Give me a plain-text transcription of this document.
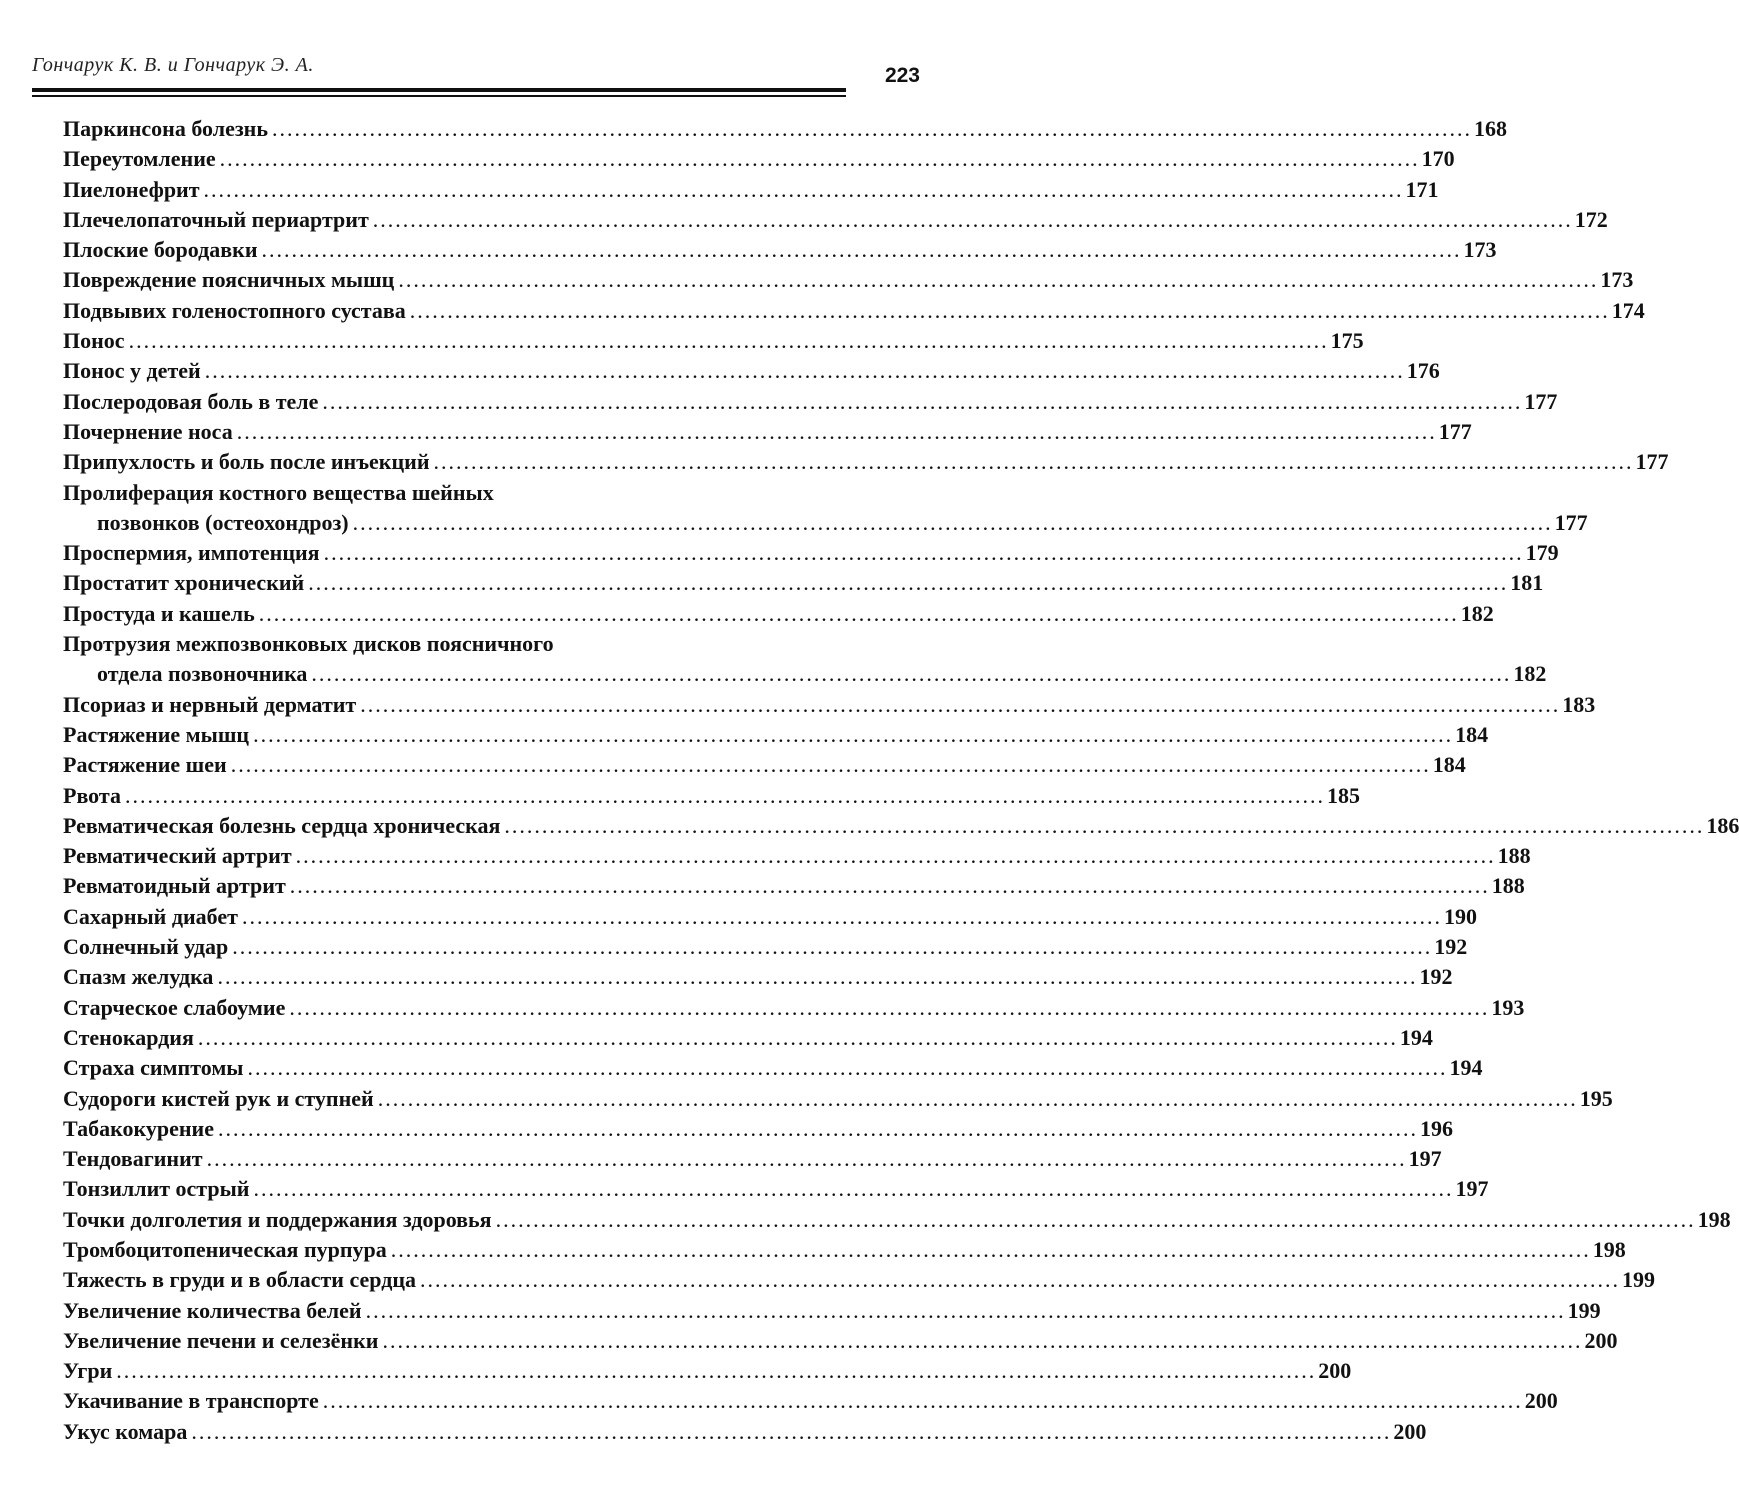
Гончарук К. В. и Гончарук Э. А.	223
Паркинсона болезнь ................................................................................................................................................................ 168
Переутомление ................................................................................................................................................................ 170
Пиелонефрит ................................................................................................................................................................ 171
Плечелопаточный периартрит ................................................................................................................................................................ 172
Плоские бородавки ................................................................................................................................................................ 173
Повреждение поясничных мышц ................................................................................................................................................................ 173
Подвывих голеностопного сустава ................................................................................................................................................................ 174
Понос ................................................................................................................................................................ 175
Понос у детей ................................................................................................................................................................ 176
Послеродовая боль в теле ................................................................................................................................................................ 177
Почернение носа ................................................................................................................................................................ 177
Припухлость и боль после инъекций ................................................................................................................................................................ 177
Пролиферация костного вещества шейных
позвонков (остеохондроз) ................................................................................................................................................................ 177
Проспермия, импотенция ................................................................................................................................................................ 179
Простатит хронический ................................................................................................................................................................ 181
Простуда и кашель ................................................................................................................................................................ 182
Протрузия межпозвонковых дисков поясничного
отдела позвоночника ................................................................................................................................................................ 182
Псориаз и нервный дерматит ................................................................................................................................................................ 183
Растяжение мышц ................................................................................................................................................................ 184
Растяжение шеи ................................................................................................................................................................ 184
Рвота ................................................................................................................................................................ 185
Ревматическая болезнь сердца хроническая ................................................................................................................................................................ 186
Ревматический артрит ................................................................................................................................................................ 188
Ревматоидный артрит ................................................................................................................................................................ 188
Сахарный диабет ................................................................................................................................................................ 190
Солнечный удар ................................................................................................................................................................ 192
Спазм желудка ................................................................................................................................................................ 192
Старческое слабоумие ................................................................................................................................................................ 193
Стенокардия ................................................................................................................................................................ 194
Страха симптомы ................................................................................................................................................................ 194
Судороги кистей рук и ступней ................................................................................................................................................................ 195
Табакокурение ................................................................................................................................................................ 196
Тендовагинит ................................................................................................................................................................ 197
Тонзиллит острый ................................................................................................................................................................ 197
Точки долголетия и поддержания здоровья ................................................................................................................................................................ 198
Тромбоцитопеническая пурпура ................................................................................................................................................................ 198
Тяжесть в груди и в области сердца ................................................................................................................................................................ 199
Увеличение количества белей ................................................................................................................................................................ 199
Увеличение печени и селезёнки ................................................................................................................................................................ 200
Угри ................................................................................................................................................................ 200
Укачивание в транспорте ................................................................................................................................................................ 200
Укус комара ................................................................................................................................................................ 200
